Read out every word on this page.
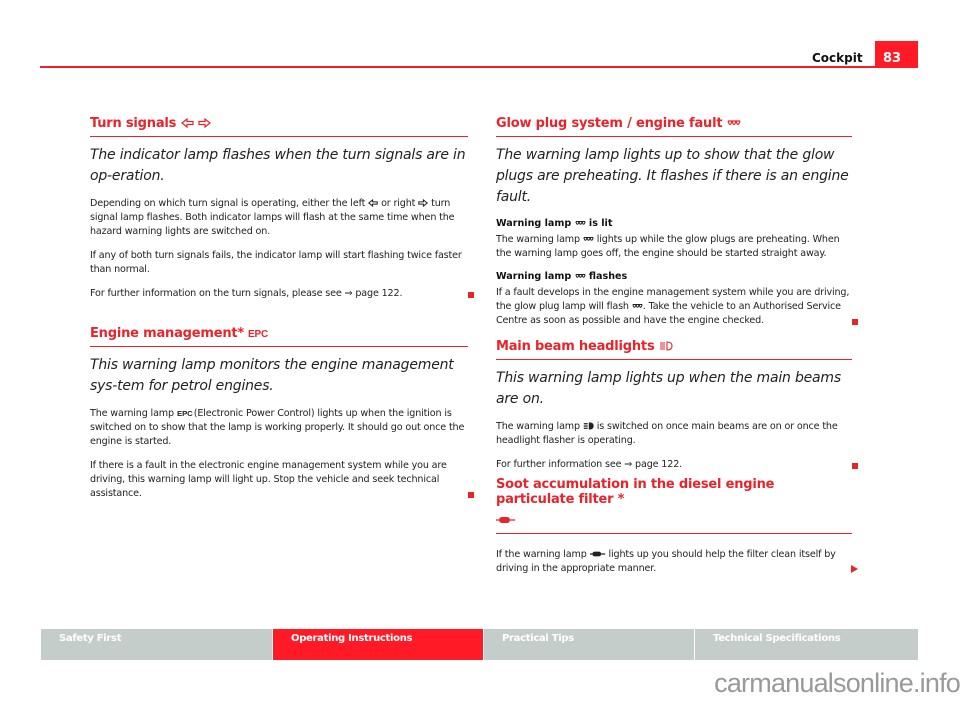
Cockpit	83
Turn signals
The indicator lamp flashes when the turn signals are in op-eration.
Depending on which turn signal is operating, either the left or right turn signal lamp flashes. Both indicator lamps will flash at the same time when the hazard warning lights are switched on.
If any of both turn signals fails, the indicator lamp will start flashing twice faster than normal.
For further information on the turn signals, please see ⇒ page 122.
Engine management* EPC
This warning lamp monitors the engine management sys-tem for petrol engines.
The warning lamp EPC (Electronic Power Control) lights up when the ignition is switched on to show that the lamp is working properly. It should go out once the engine is started.
If there is a fault in the electronic engine management system while you are driving, this warning lamp will light up. Stop the vehicle and seek technical assistance.
Glow plug system / engine fault
The warning lamp lights up to show that the glow plugs are preheating. It flashes if there is an engine fault.
Warning lamp is lit
The warning lamp lights up while the glow plugs are preheating. When the warning lamp goes off, the engine should be started straight away.
Warning lamp flashes
If a fault develops in the engine management system while you are driving, the glow plug lamp will flash . Take the vehicle to an Authorised Service Centre as soon as possible and have the engine checked.
Main beam headlights
This warning lamp lights up when the main beams are on.
The warning lamp is switched on once main beams are on or once the headlight flasher is operating.
For further information see ⇒ page 122.
Soot accumulation in the diesel engine particulate filter *

If the warning lamp lights up you should help the filter clean itself by driving in the appropriate manner.
Safety First	Operating Instructions	Practical Tips	Technical Specifications
carmanualsonline.info
